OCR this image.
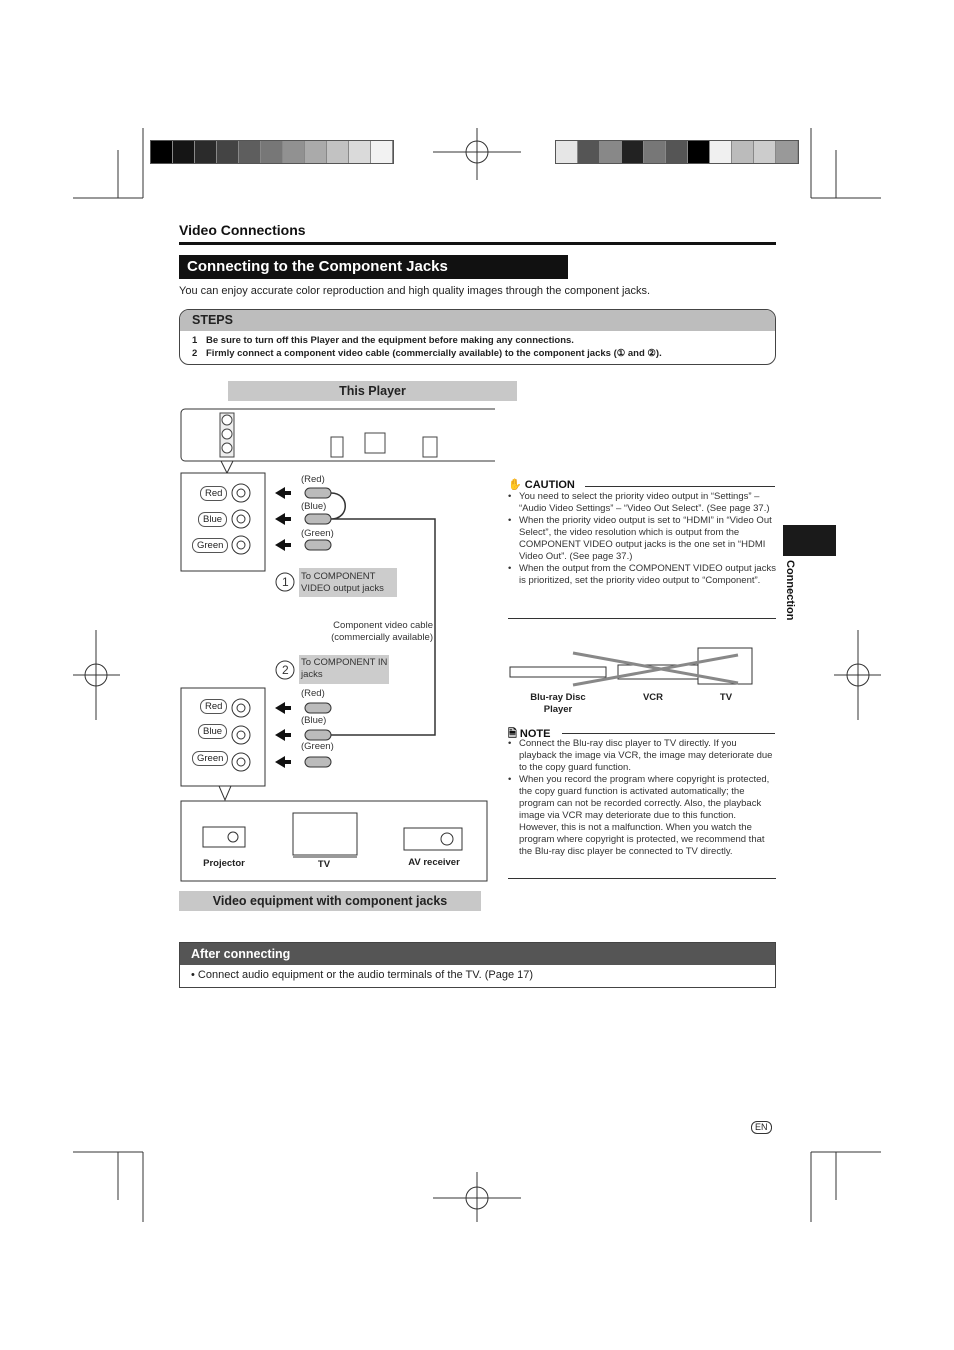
Video Connections
Connecting to the Component Jacks
You can enjoy accurate color reproduction and high quality images through the component jacks.
STEPS
1 Be sure to turn off this Player and the equipment before making any connections.
2 Firmly connect a component video cable (commercially available) to the component jacks (① and ②).
This Player
Red
Blue
Green
Red
Blue
Green
(Red)
(Blue)
(Green)
(Red)
(Blue)
(Green)
1
2
To COMPONENT VIDEO output jacks
To COMPONENT IN jacks
Component video cable (commercially available)
Projector	TV	AV receiver
Video equipment with component jacks
✋ CAUTION
• You need to select the priority video output in “Settings” – “Audio Video Settings” – “Video Out Select”. (See page 37.)
• When the priority video output is set to “HDMI” in “Video Out Select”, the video resolution which is output from the COMPONENT VIDEO output jacks is the one set in “HDMI Video Out”. (See page 37.)
• When the output from the COMPONENT VIDEO output jacks is prioritized, set the priority video output to “Component”.
Blu-ray Disc Player
VCR	TV
🗎 NOTE
• Connect the Blu-ray disc player to TV directly. If you playback the image via VCR, the image may deteriorate due to the copy guard function.
• When you record the program where copyright is protected, the copy guard function is activated automatically; the program can not be recorded correctly. Also, the playback image via VCR may deteriorate due to this function. However, this is not a malfunction. When you watch the program where copyright is protected, we recommend that the Blu-ray disc player be connected to TV directly.
Connection
After connecting
• Connect audio equipment or the audio terminals of the TV. (Page 17)
EN
